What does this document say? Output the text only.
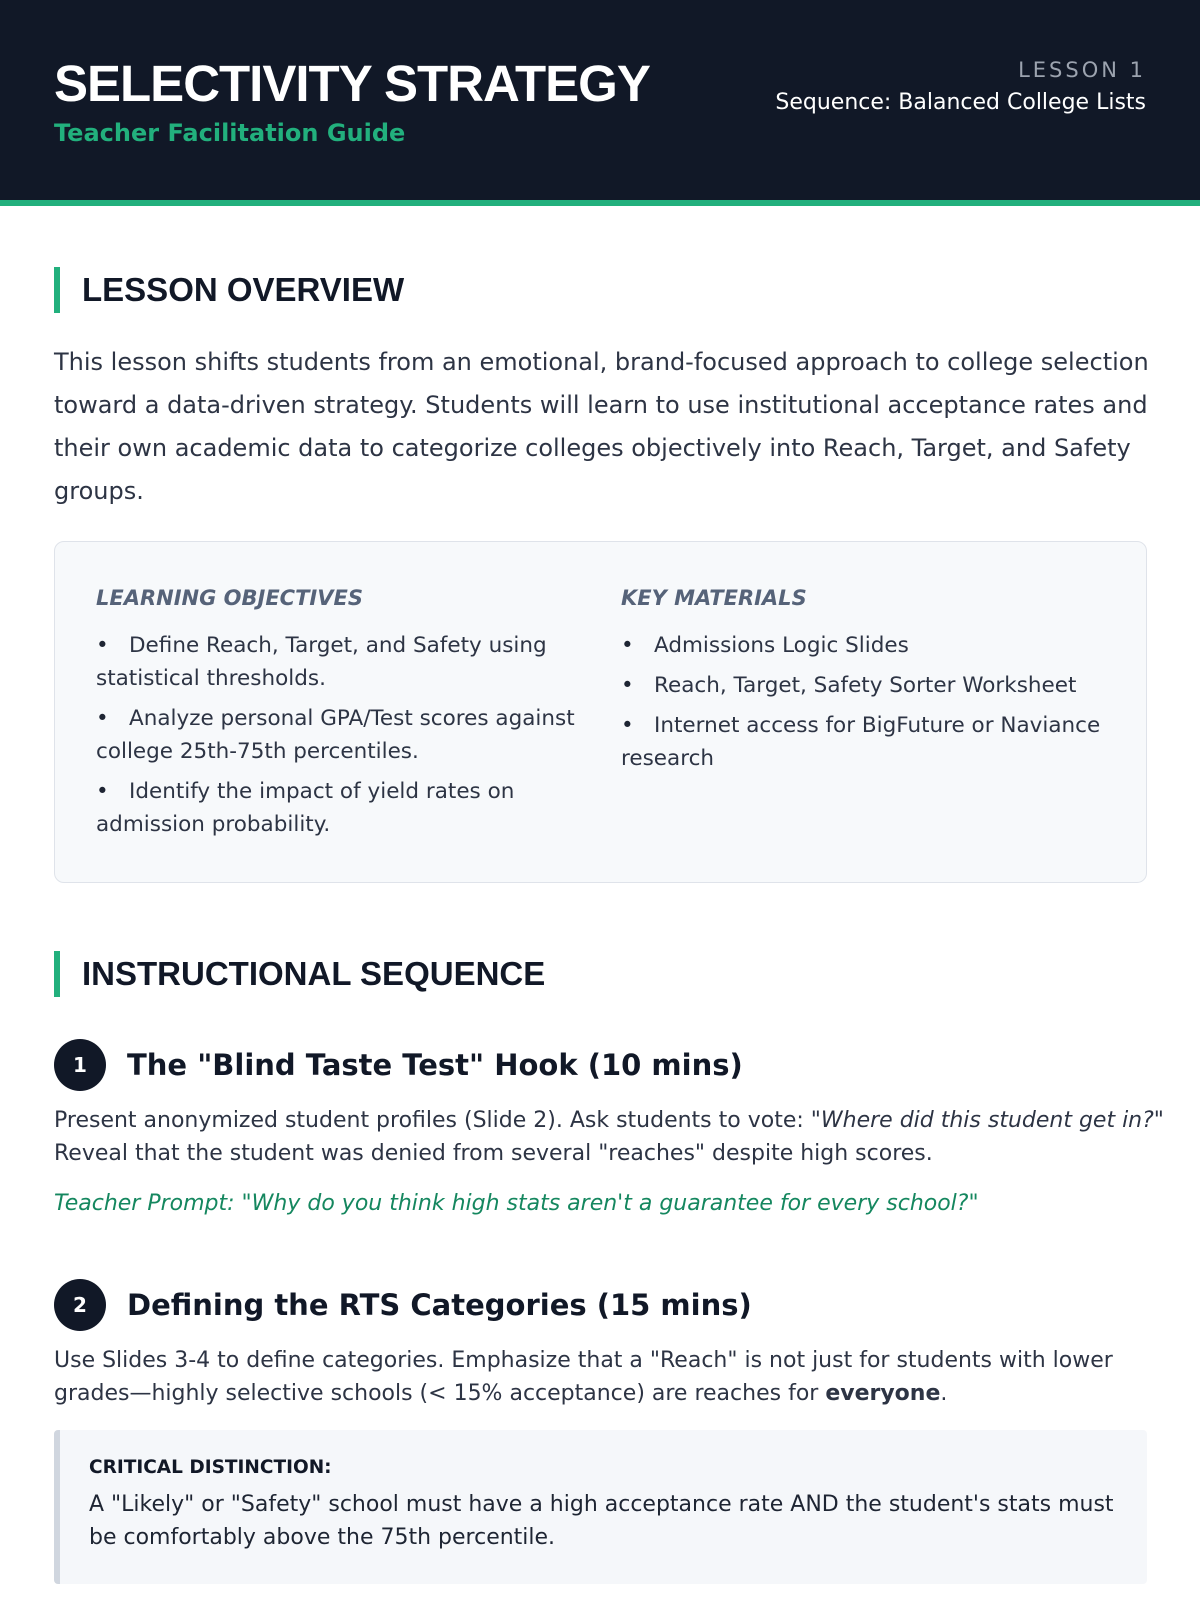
SELECTIVITY STRATEGY
Teacher Facilitation Guide
LESSON 1
Sequence: Balanced College Lists
LESSON OVERVIEW

This lesson shifts students from an emotional, brand-focused approach to college selection toward a data-driven strategy. Students will learn to use institutional acceptance rates and their own academic data to categorize colleges objectively into Reach, Target, and Safety groups.

LEARNING OBJECTIVES
• Define Reach, Target, and Safety using statistical thresholds.
• Analyze personal GPA/Test scores against college 25th-75th percentiles.
• Identify the impact of yield rates on admission probability.
KEY MATERIALS
• Admissions Logic Slides
• Reach, Target, Safety Sorter Worksheet
• Internet access for BigFuture or Naviance research
INSTRUCTIONAL SEQUENCE
1	The "Blind Taste Test" Hook (10 mins)

Present anonymized student profiles (Slide 2). Ask students to vote: "Where did this student get in?" Reveal that the student was denied from several "reaches" despite high scores.

Teacher Prompt: "Why do you think high stats aren't a guarantee for every school?"

2	Defining the RTS Categories (15 mins)

Use Slides 3-4 to define categories. Emphasize that a "Reach" is not just for students with lower grades—highly selective schools (< 15% acceptance) are reaches for everyone.

CRITICAL DISTINCTION:

A "Likely" or "Safety" school must have a high acceptance rate AND the student's stats must be comfortably above the 75th percentile.
